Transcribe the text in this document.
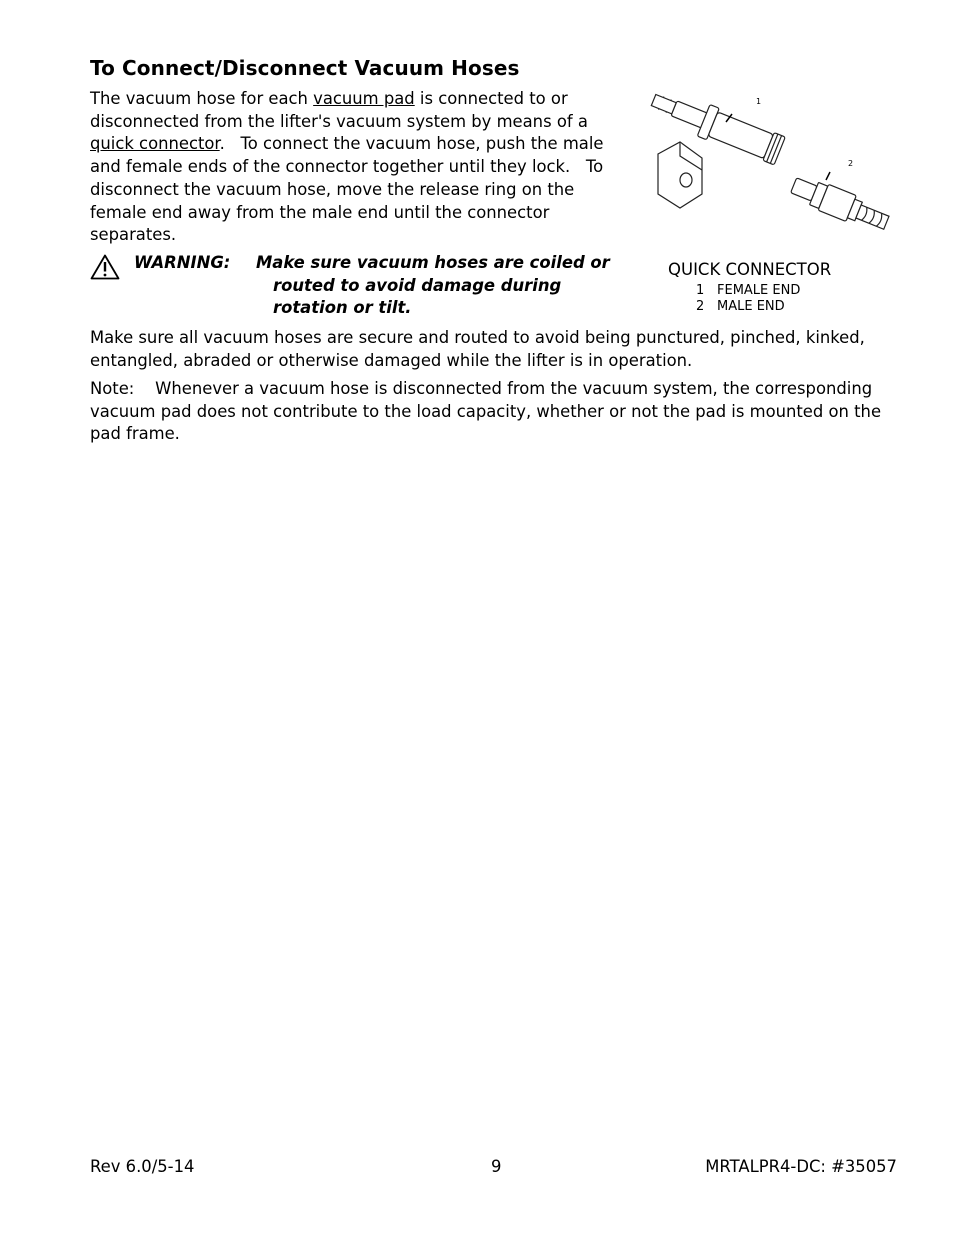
To Connect/Disconnect Vacuum Hoses
The vacuum hose for each vacuum pad is connected to or disconnected from the lifter's vacuum system by means of a quick connector.   To connect the vacuum hose, push the male and female ends of the connector together until they lock.   To disconnect the vacuum hose, move the release ring on the female end away from the male end until the connector separates.
WARNING: Make sure vacuum hoses are coiled or
routed to avoid damage during
rotation or tilt.
1
2
QUICK CONNECTOR
1 FEMALE END
2 MALE END
Make sure all vacuum hoses are secure and routed to avoid being punctured, pinched, kinked, entangled, abraded or otherwise damaged while the lifter is in operation.
Note: Whenever a vacuum hose is disconnected from the vacuum system, the corresponding vacuum pad does not contribute to the load capacity, whether or not the pad is mounted on the pad frame.
Rev 6.0/5-14	9	MRTALPR4-DC: #35057
